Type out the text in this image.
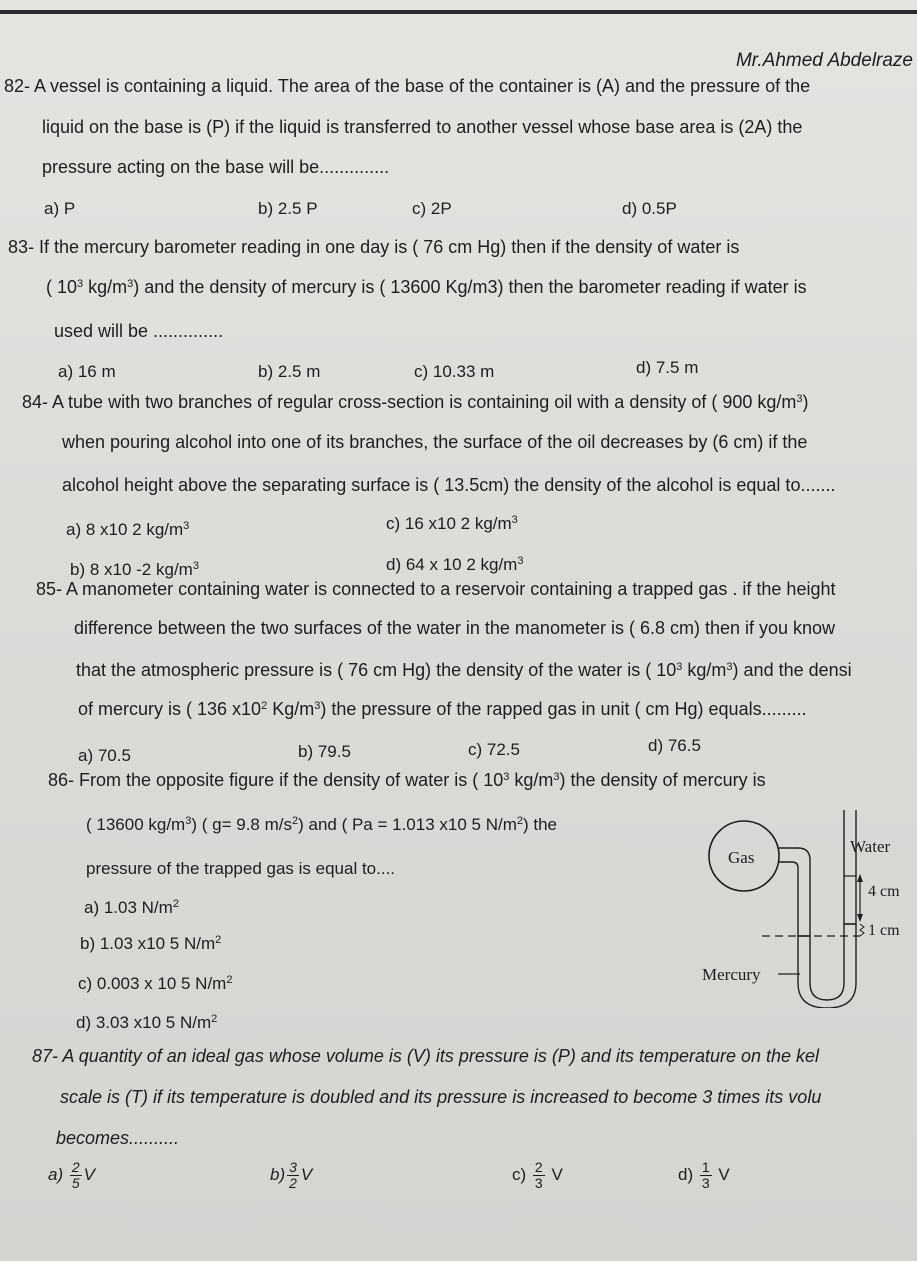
Mr.Ahmed Abdelraze
82- A vessel is containing a liquid. The area of the base of the container is (A) and the pressure of the
liquid on the base is (P) if the liquid is transferred to another vessel whose base area is (2A) the
pressure acting on the base will be..............
a) P	b) 2.5 P	c) 2P	d) 0.5P
83- If the mercury barometer reading in one day is ( 76 cm Hg) then if the density of water is
( $10^3$ $kg/m^3$) and the density of mercury is ( 13600 Kg/m3) then the barometer reading if water is
used will be ..............
a) 16 m	b) 2.5 m	c) 10.33 m	d) 7.5 m
84- A tube with two branches of regular cross-section is containing oil with a density of ( 900 $kg/m^3$)
when pouring alcohol into one of its branches, the surface of the oil decreases by (6 cm) if the
alcohol height above the separating surface is ( 13.5cm) the density of the alcohol is equal to.......
a) 8 x10 2 $kg/m^3$	c) 16 x10 2 $kg/m^3$
b) 8 x10 -2 $kg/m^3$	d) 64 x 10 2 $kg/m^3$
85- A manometer containing water is connected to a reservoir containing a trapped gas . if the height
difference between the two surfaces of the water in the manometer is ( 6.8 cm) then if you know
that the atmospheric pressure is ( 76 cm Hg) the density of the water is ( $10^3$ $kg/m^3$) and the densi
of mercury is ( 136 $x10^2$ $Kg/m^3$) the pressure of the rapped gas in unit ( cm Hg) equals.........
a) 70.5	b) 79.5	c) 72.5	d) 76.5
86- From the opposite figure if the density of water is ( $10^3$ $kg/m^3$) the density of mercury is
( 13600 $kg/m^3$) ( g= 9.8 $m/s^2$) and ( Pa = 1.013 x10 5 $N/m^2$) the
pressure of the trapped gas is equal to....
a) 1.03 $N/m^2$
b) 1.03 x10 5 $N/m^2$
c) 0.003 x 10 5 $N/m^2$
d) 3.03 x10 5 $N/m^2$
Gas
Water
4 cm
1 cm
Mercury
87- A quantity of an ideal gas whose volume is (V) its pressure is (P) and its temperature on the kel
scale is (T) if its temperature is doubled and its pressure is increased to become 3 times its volu
becomes..........
$a) \frac{2}{5}$ V	$b) \frac{3}{2}$ V	$c) \frac{2}{3}$ V	$d) \frac{1}{3}$ V
